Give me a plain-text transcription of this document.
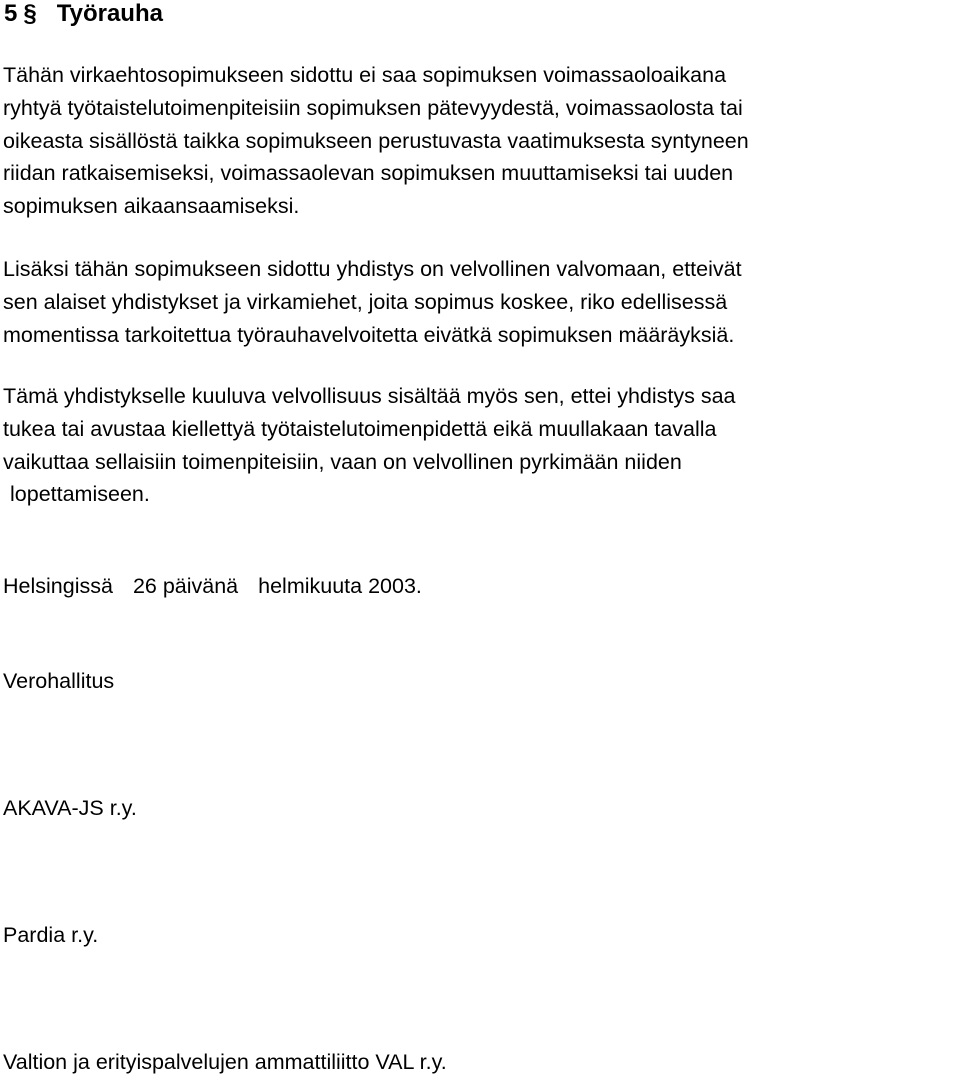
5 § Työrauha

Tähän virkaehtosopimukseen sidottu ei saa sopimuksen voimassaoloaikana
ryhtyä työtaistelutoimenpiteisiin sopimuksen pätevyydestä, voimassaolosta tai
oikeasta sisällöstä taikka sopimukseen perustuvasta vaatimuksesta syntyneen
riidan ratkaisemiseksi, voimassaolevan sopimuksen muuttamiseksi tai uuden
sopimuksen aikaansaamiseksi.

Lisäksi tähän sopimukseen sidottu yhdistys on velvollinen valvomaan, etteivät
sen alaiset yhdistykset ja virkamiehet, joita sopimus koskee, riko edellisessä
momentissa tarkoitettua työrauhavelvoitetta eivätkä sopimuksen määräyksiä.

Tämä yhdistykselle kuuluva velvollisuus sisältää myös sen, ettei yhdistys saa
tukea tai avustaa kiellettyä työtaistelutoimenpidettä eikä muullakaan tavalla
vaikuttaa sellaisiin toimenpiteisiin, vaan on velvollinen pyrkimään niiden
lopettamiseen.

Helsingissä 26 päivänä helmikuuta 2003.
Verohallitus
AKAVA-JS r.y.
Pardia r.y.
Valtion ja erityispalvelujen ammattiliitto VAL r.y.
